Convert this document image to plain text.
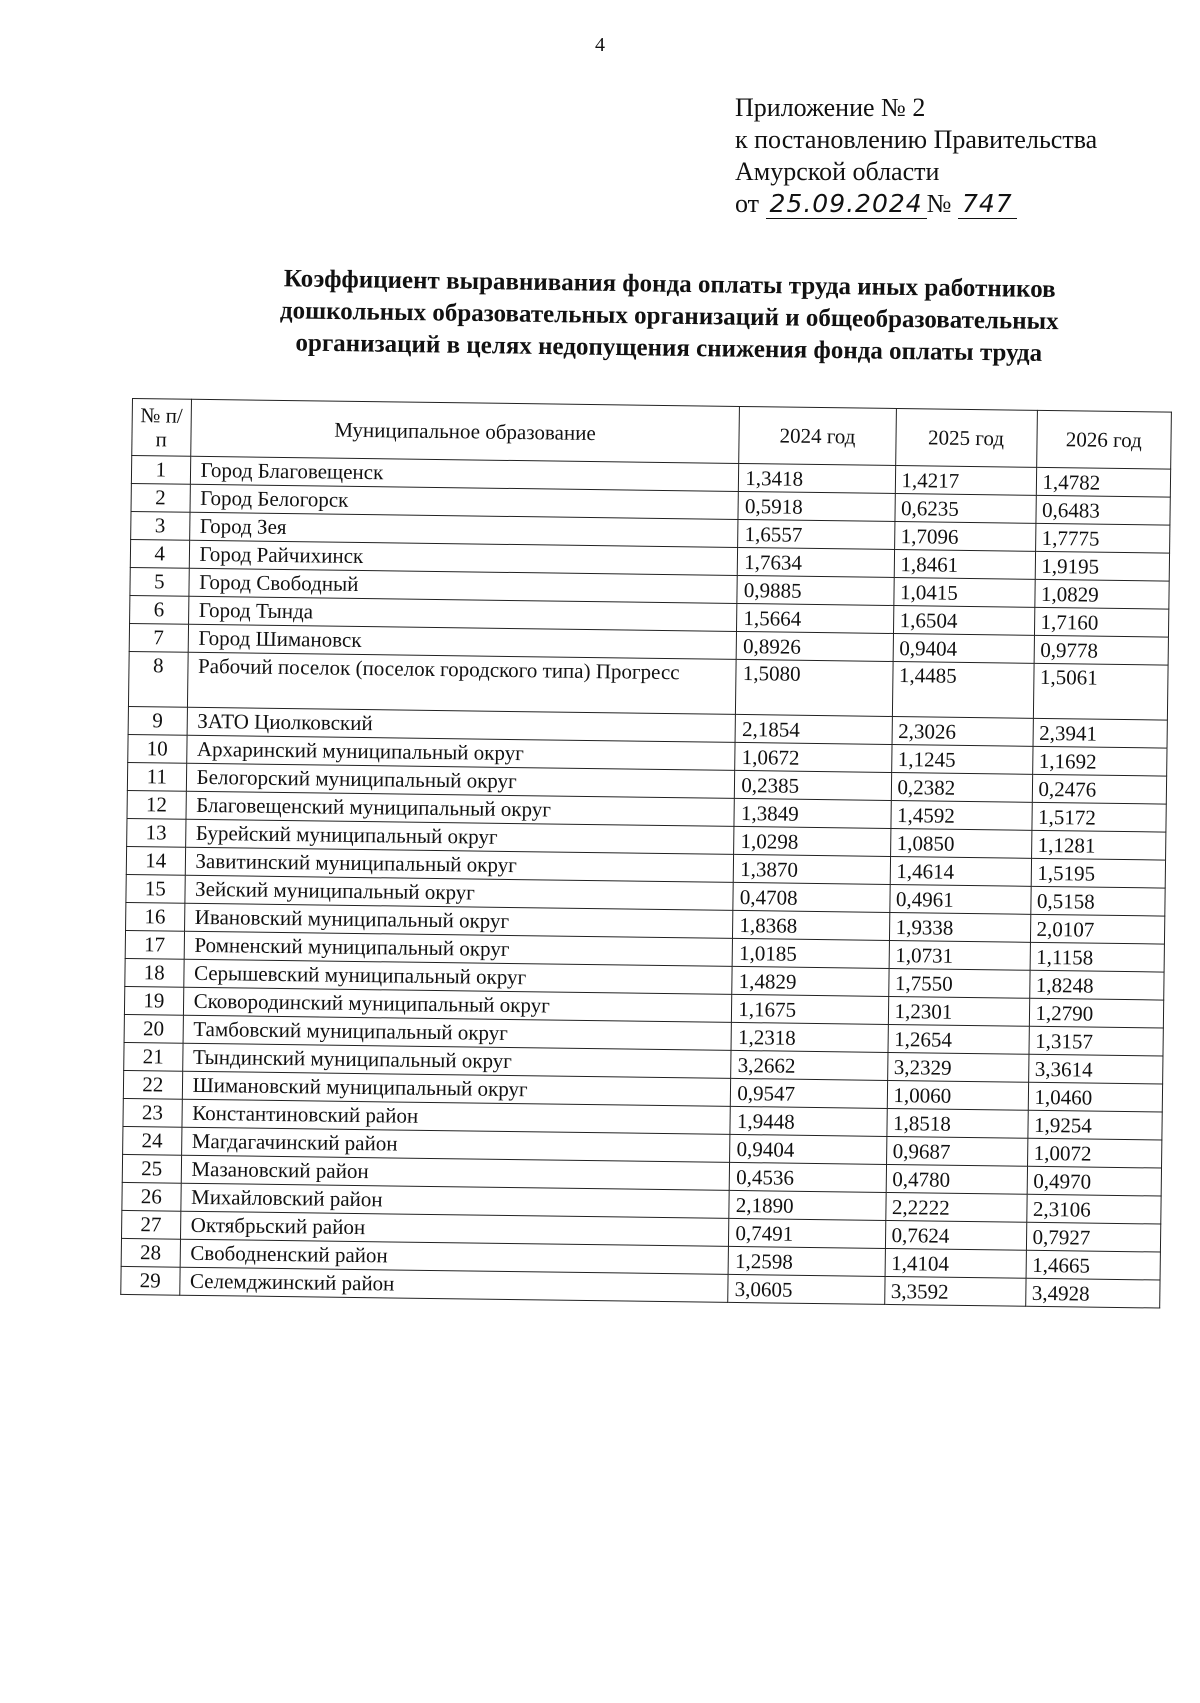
4
Приложение № 2
к постановлению Правительства
Амурской области
от 25.09.2024 № 747
Коэффициент выравнивания фонда оплаты труда иных работников
дошкольных образовательных организаций и общеобразовательных
организаций в целях недопущения снижения фонда оплаты труда
№ п/п	Муниципальное образование	2024 год	2025 год	2026 год
1	Город Благовещенск	1,3418	1,4217	1,4782
2	Город Белогорск	0,5918	0,6235	0,6483
3	Город Зея	1,6557	1,7096	1,7775
4	Город Райчихинск	1,7634	1,8461	1,9195
5	Город Свободный	0,9885	1,0415	1,0829
6	Город Тында	1,5664	1,6504	1,7160
7	Город Шимановск	0,8926	0,9404	0,9778
8	Рабочий поселок (поселок городского типа) Прогресс	1,5080	1,4485	1,5061
9	ЗАТО Циолковский	2,1854	2,3026	2,3941
10	Архаринский муниципальный округ	1,0672	1,1245	1,1692
11	Белогорский муниципальный округ	0,2385	0,2382	0,2476
12	Благовещенский муниципальный округ	1,3849	1,4592	1,5172
13	Бурейский муниципальный округ	1,0298	1,0850	1,1281
14	Завитинский муниципальный округ	1,3870	1,4614	1,5195
15	Зейский муниципальный округ	0,4708	0,4961	0,5158
16	Ивановский муниципальный округ	1,8368	1,9338	2,0107
17	Ромненский муниципальный округ	1,0185	1,0731	1,1158
18	Серышевский муниципальный округ	1,4829	1,7550	1,8248
19	Сковородинский муниципальный округ	1,1675	1,2301	1,2790
20	Тамбовский муниципальный округ	1,2318	1,2654	1,3157
21	Тындинский муниципальный округ	3,2662	3,2329	3,3614
22	Шимановский муниципальный округ	0,9547	1,0060	1,0460
23	Константиновский район	1,9448	1,8518	1,9254
24	Магдагачинский район	0,9404	0,9687	1,0072
25	Мазановский район	0,4536	0,4780	0,4970
26	Михайловский район	2,1890	2,2222	2,3106
27	Октябрьский район	0,7491	0,7624	0,7927
28	Свободненский район	1,2598	1,4104	1,4665
29	Селемджинский район	3,0605	3,3592	3,4928
